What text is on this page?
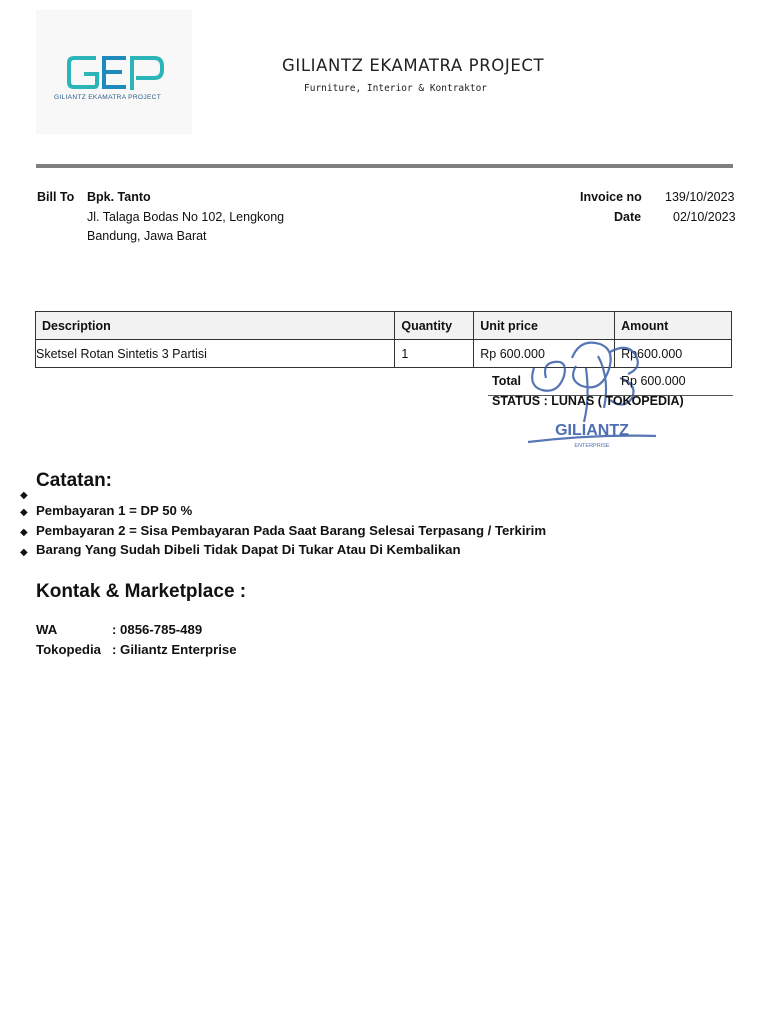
GILIANTZ EKAMATRA PROJECT
GILIANTZ EKAMATRA PROJECT
Furniture, Interior & Kontraktor
Bill To Bpk. Tanto
Jl. Talaga Bodas No 102, Lengkong
Bandung, Jawa Barat
Invoice no 139/10/2023
Date	02/10/2023
Description	Quantity	Unit price	Amount
Sketsel Rotan Sintetis 3 Partisi	1	Rp 600.000	Rp600.000
GILIANTZ
ENTERPRISE
Total	Rp 600.000
STATUS : LUNAS ( TOKOPEDIA)
Catatan:
◆
◆ Pembayaran 1 = DP 50 %
◆ Pembayaran 2 = Sisa Pembayaran Pada Saat Barang Selesai Terpasang / Terkirim
◆ Barang Yang Sudah Dibeli Tidak Dapat Di Tukar Atau Di Kembalikan
Kontak & Marketplace :
WA	: 0856-785-489
Tokopedia : Giliantz Enterprise
